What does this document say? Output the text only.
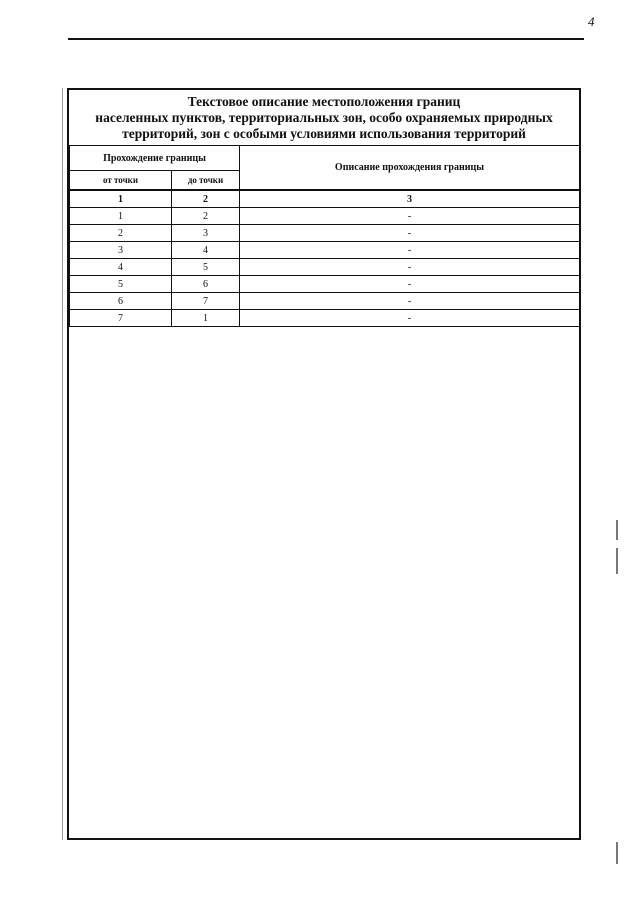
4
Текстовое описание местоположения границ
населенных пунктов, территориальных зон, особо охраняемых природных
территорий, зон с особыми условиями использования территорий
Прохождение границы		Описание прохождения границы
от точки	до точки	
1	2	3
1	2	-
2	3	-
3	4	-
4	5	-
5	6	-
6	7	-
7	1	-
